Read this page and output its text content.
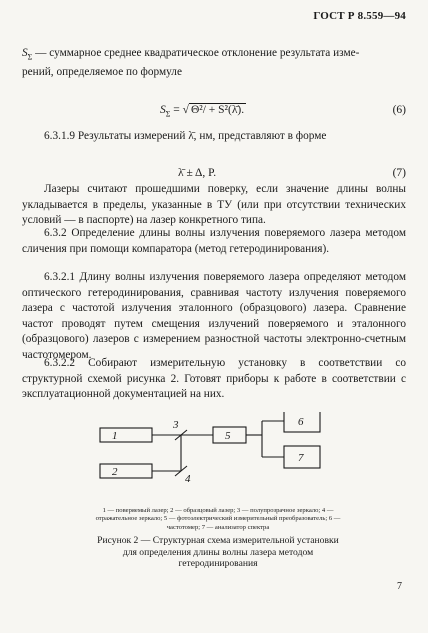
ГОСТ Р 8.559—94
$S_\Sigma$ — суммарное среднее квадратическое отклонение результата изме-
рений, определяемое по формуле
$S_\Sigma$ = √ Θ²/ + S²(λ̄).	(6)
6.3.1.9 Результаты измерений λ̄, нм, представляют в форме
λ̄ ± Δ, P.	(7)
Лазеры считают прошедшими поверку, если значение длины волны укладывается в пределы, указанные в ТУ (или при отсутствии технических условий — в паспорте) на лазер конкретного типа.
6.3.2 Определение длины волны излучения поверяемого лазера методом сличения при помощи компаратора (метод гетеродинирования).
6.3.2.1 Длину волны излучения поверяемого лазера определяют методом оптического гетеродинирования, сравнивая частоту излучения поверяемого лазера с частотой излучения эталонного (образцового) лазера. Сравнение частот проводят путем смещения излучений поверяемого и эталонного (образцового) лазеров с измерением разностной частоты электронно-счетным частотомером.
6.3.2.2 Собирают измерительную установку в соответствии со структурной схемой рисунка 2. Готовят приборы к работе в соответствии с эксплуатационной документацией на них.
1
2
5
6
7
3
4
1 — поверяемый лазер; 2 — образцовый лазер; 3 — полупрозрачное зеркало; 4 — отражательное зеркало; 5 — фотоэлектрический измерительный преобразователь; 6 — частотомер; 7 — анализатор спектра
Рисунок 2 — Структурная схема измерительной установки для определения длины волны лазера методом гетеродинирования
7
